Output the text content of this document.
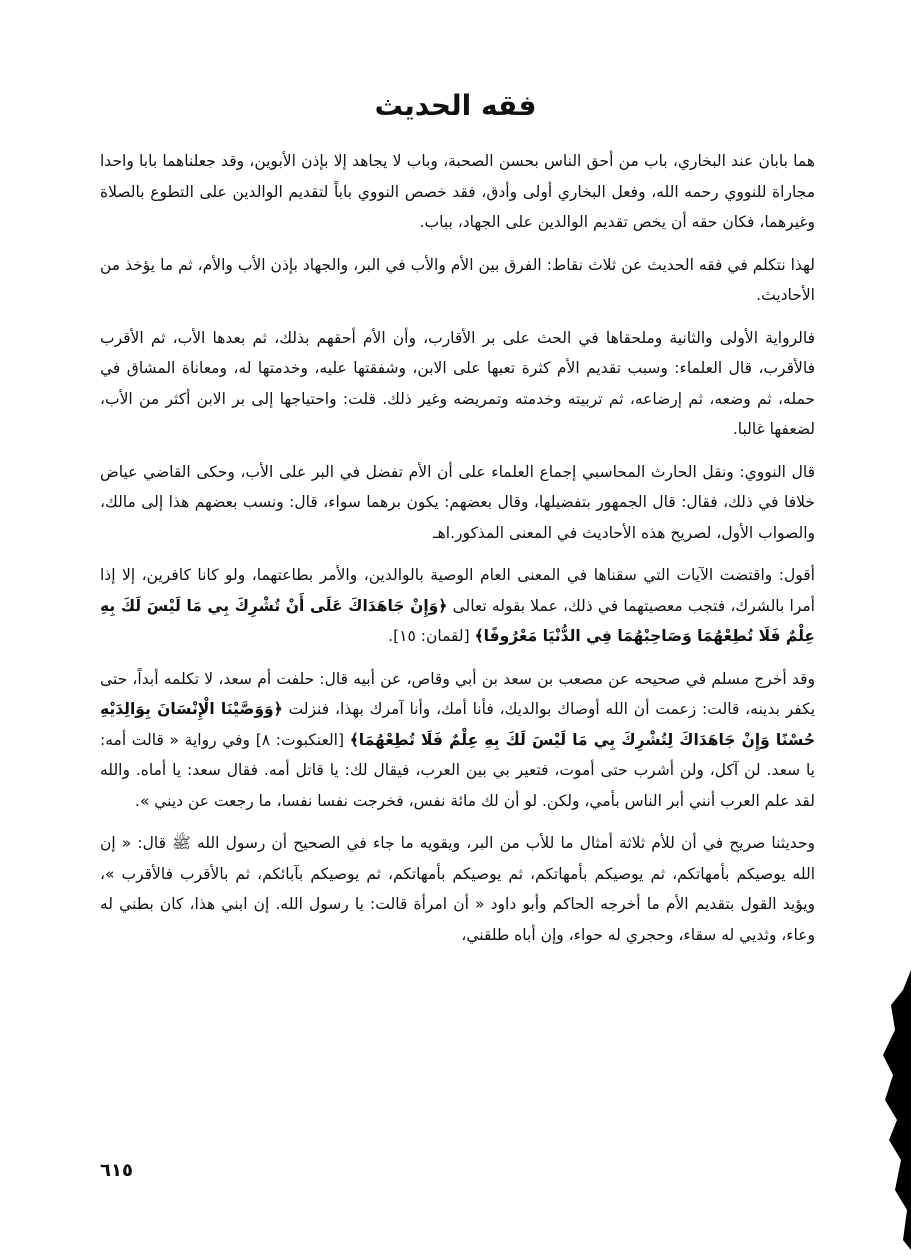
فقه الحديث

هما بابان عند البخاري، باب من أحق الناس بحسن الصحبة، وباب لا يجاهد إلا بإذن الأبوين، وقد جعلناهما بابا واحدا مجاراة للنووي رحمه الله، وفعل البخاري أولى وأدق، فقد خصص النووي باباً لتقديم الوالدين على التطوع بالصلاة وغيرهما، فكان حقه أن يخص تقديم الوالدين على الجهاد، بباب.

لهذا نتكلم في فقه الحديث عن ثلاث نقاط: الفرق بين الأم والأب في البر، والجهاد بإذن الأب والأم، ثم ما يؤخذ من الأحاديث.

فالرواية الأولى والثانية وملحقاها في الحث على بر الأقارب، وأن الأم أحقهم بذلك، ثم بعدها الأب، ثم الأقرب فالأقرب، قال العلماء: وسبب تقديم الأم كثرة تعبها على الابن، وشفقتها عليه، وخدمتها له، ومعاناة المشاق في حمله، ثم وضعه، ثم إرضاعه، ثم تربيته وخدمته وتمريضه وغير ذلك. قلت: واحتياجها إلى بر الابن أكثر من الأب، لضعفها غالبا.

قال النووي: ونقل الحارث المحاسبي إجماع العلماء على أن الأم تفضل في البر على الأب، وحكى القاضي عياض خلافا في ذلك، فقال: قال الجمهور بتفضيلها، وقال بعضهم: يكون برهما سواء، قال: ونسب بعضهم هذا إلى مالك، والصواب الأول، لصريح هذه الأحاديث في المعنى المذكور.اهـ

أقول: واقتضت الآيات التي سقناها في المعنى العام الوصية بالوالدين، والأمر بطاعتهما، ولو كانا كافرين، إلا إذا أمرا بالشرك، فتجب معصيتهما في ذلك، عملا بقوله تعالى ﴿وَإِنْ جَاهَدَاكَ عَلَى أَنْ تُشْرِكَ بِي مَا لَيْسَ لَكَ بِهِ عِلْمٌ فَلَا تُطِعْهُمَا وَصَاحِبْهُمَا فِي الدُّنْيَا مَعْرُوفًا﴾ [لقمان: ١٥].

وقد أخرج مسلم في صحيحه عن مصعب بن سعد بن أبي وقاص، عن أبيه قال: حلفت أم سعد، لا تكلمه أبداً، حتى يكفر بدينه، قالت: زعمت أن الله أوصاك بوالديك، فأنا أمك، وأنا آمرك بهذا، فنزلت ﴿وَوَصَّيْنَا الْإِنْسَانَ بِوَالِدَيْهِ حُسْنًا وَإِنْ جَاهَدَاكَ لِتُشْرِكَ بِي مَا لَيْسَ لَكَ بِهِ عِلْمٌ فَلَا تُطِعْهُمَا﴾ [العنكبوت: ٨] وفي رواية « قالت أمه: يا سعد. لن آكل، ولن أشرب حتى أموت، فتعير بي بين العرب، فيقال لك: يا قاتل أمه. فقال سعد: يا أماه. والله لقد علم العرب أنني أبر الناس بأمي، ولكن. لو أن لك مائة نفس، فخرجت نفسا نفسا، ما رجعت عن ديني ».

وحديثنا صريح في أن للأم ثلاثة أمثال ما للأب من البر، ويقويه ما جاء في الصحيح أن رسول الله ﷺ قال: « إن الله يوصيكم بأمهاتكم، ثم يوصيكم بأمهاتكم، ثم يوصيكم بأمهاتكم، ثم يوصيكم بآبائكم، ثم بالأقرب فالأقرب »، ويؤيد القول بتقديم الأم ما أخرجه الحاكم وأبو داود « أن امرأة قالت: يا رسول الله. إن ابني هذا، كان بطني له وعاء، وثديي له سقاء، وحجري له حواء، وإن أباه طلقني،

٦١٥
